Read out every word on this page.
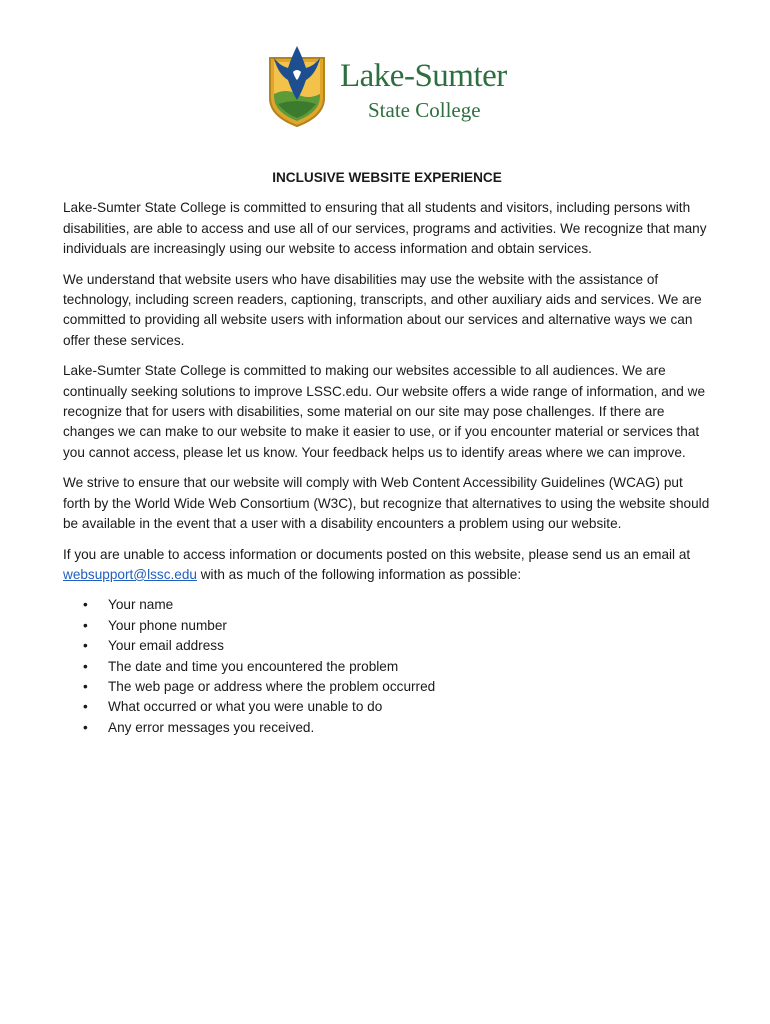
Lake-Sumter
State College
INCLUSIVE WEBSITE EXPERIENCE

Lake-Sumter State College is committed to ensuring that all students and visitors, including persons with disabilities, are able to access and use all of our services, programs and activities. We recognize that many individuals are increasingly using our website to access information and obtain services.

We understand that website users who have disabilities may use the website with the assistance of technology, including screen readers, captioning, transcripts, and other auxiliary aids and services. We are committed to providing all website users with information about our services and alternative ways we can offer these services.

Lake-Sumter State College is committed to making our websites accessible to all audiences. We are continually seeking solutions to improve LSSC.edu. Our website offers a wide range of information, and we recognize that for users with disabilities, some material on our site may pose challenges. If there are changes we can make to our website to make it easier to use, or if you encounter material or services that you cannot access, please let us know. Your feedback helps us to identify areas where we can improve.

We strive to ensure that our website will comply with Web Content Accessibility Guidelines (WCAG) put forth by the World Wide Web Consortium (W3C), but recognize that alternatives to using the website should be available in the event that a user with a disability encounters a problem using our website.

If you are unable to access information or documents posted on this website, please send us an email at websupport@lssc.edu with as much of the following information as possible:

• Your name
• Your phone number
• Your email address
• The date and time you encountered the problem
• The web page or address where the problem occurred
• What occurred or what you were unable to do
• Any error messages you received.
